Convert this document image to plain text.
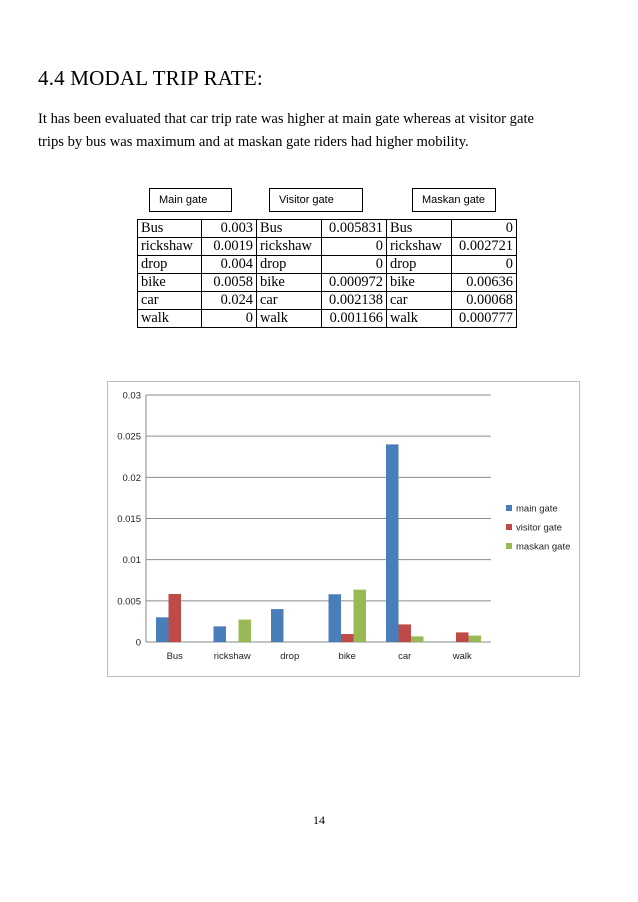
4.4 MODAL TRIP RATE:
It has been evaluated that car trip rate was higher at main gate whereas at visitor gate
trips by bus was maximum and at maskan gate riders had higher mobility.
Main gate	Visitor gate	Maskan gate
Bus	0.003	Bus	0.005831	Bus	0
rickshaw	0.0019	rickshaw	0	rickshaw	0.002721
drop	0.004	drop	0	drop	0
bike	0.0058	bike	0.000972	bike	0.00636
car	0.024	car	0.002138	car	0.00068
walk	0	walk	0.001166	walk	0.000777
0
0.005
0.01
0.015
0.02
0.025
0.03
Bus	rickshaw	drop	bike	car	walk
main gate
visitor gate
maskan gate
14
